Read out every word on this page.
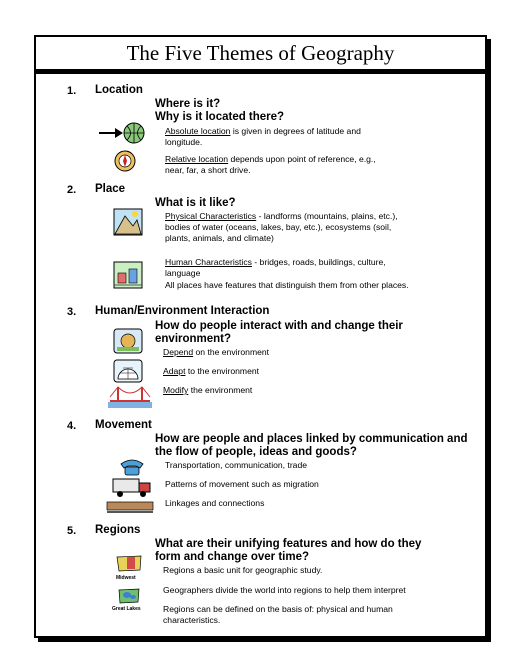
The Five Themes of Geography
1. Location
Where is it?
Why is it located there?
Absolute location is given in degrees of latitude and
longitude.
Relative location depends upon point of reference, e.g.,
near, far, a short drive.
2. Place
What is it like?
Physical Characteristics - landforms (mountains, plains, etc.),
bodies of water (oceans, lakes, bay, etc.), ecosystems (soil,
plants, animals, and climate)
Human Characteristics - bridges, roads, buildings, culture,
language
All places have features that distinguish them from other places.
3. Human/Environment Interaction
How do people interact with and change their
environment?
Depend on the environment
Adapt to the environment
Modify the environment
4. Movement
How are people and places linked by communication and
the flow of people, ideas and goods?
Transportation, communication, trade
Patterns of movement such as migration
Linkages and connections
5. Regions
What are their unifying features and how do they
form and change over time?
Midwest
Great Lakes
Regions a basic unit for geographic study.
Geographers divide the world into regions to help them interpret
Regions can be defined on the basis of: physical and human
characteristics.
